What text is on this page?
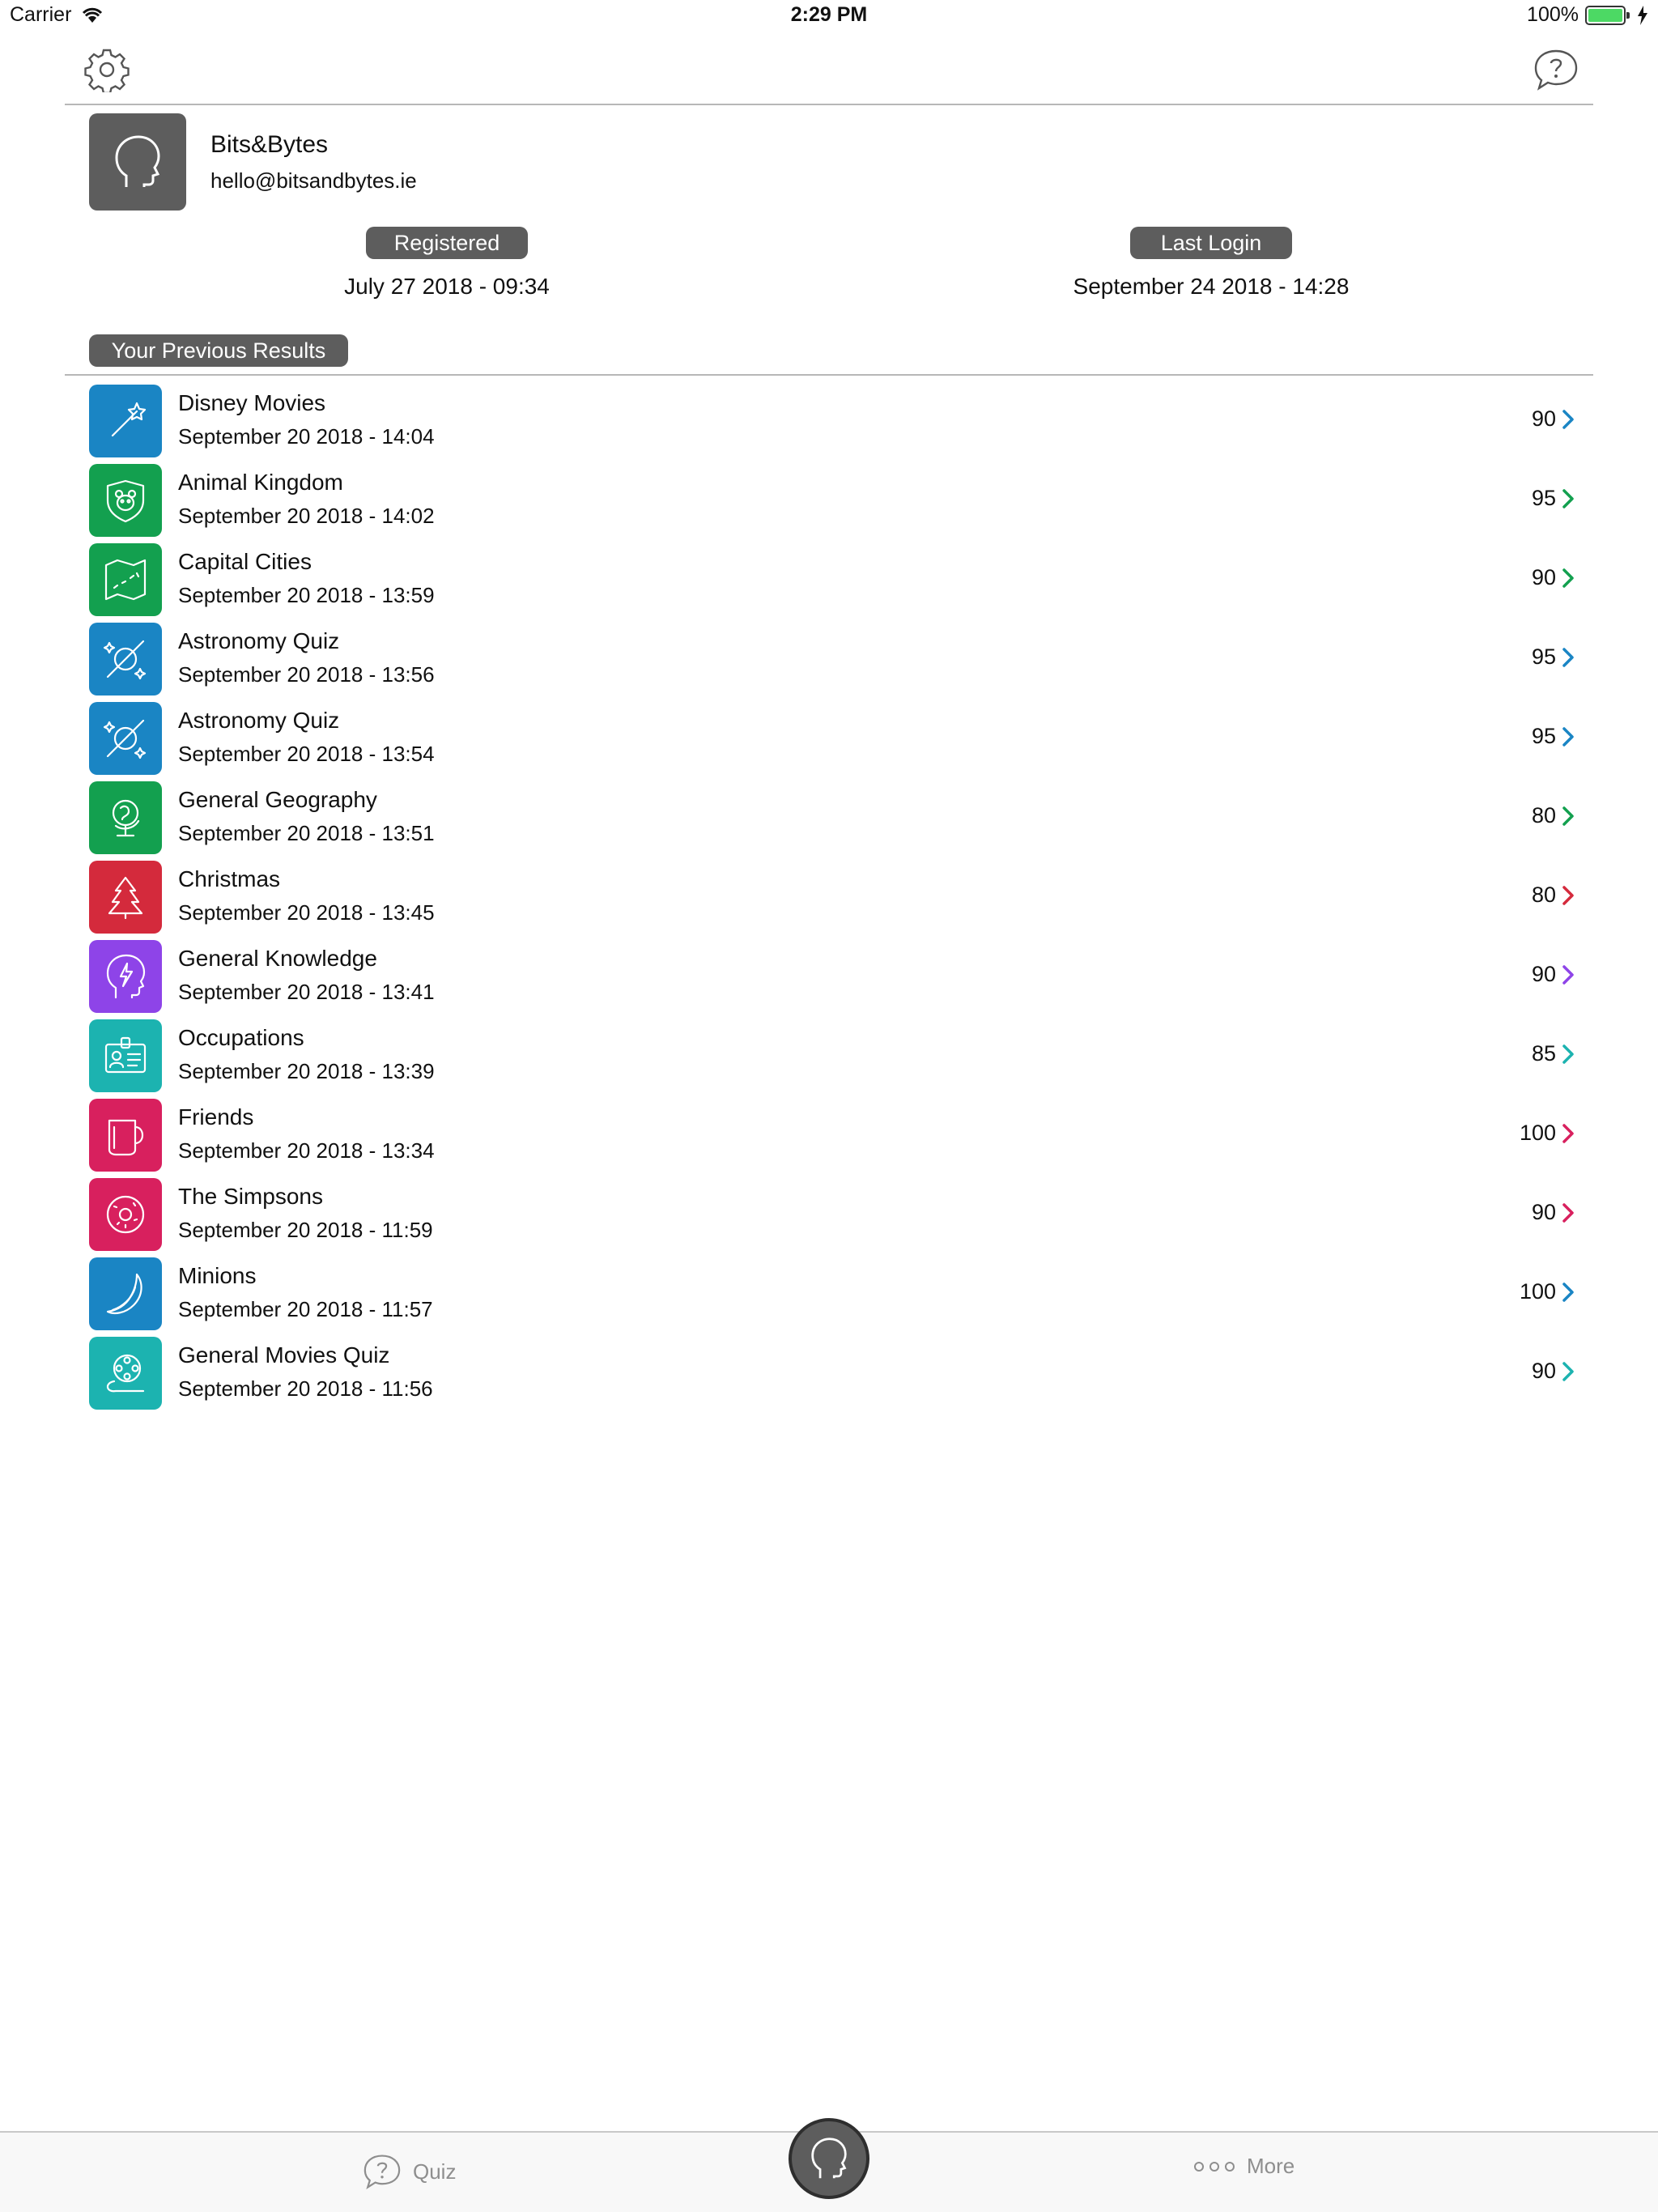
Carrier	2:29 PM	100%
Bits&Bytes
hello@bitsandbytes.ie
Registered
July 27 2018 - 09:34
Last Login
September 24 2018 - 14:28
Your Previous Results
Disney Movies
September 20 2018 - 14:04
90
Animal Kingdom
September 20 2018 - 14:02
95
Capital Cities
September 20 2018 - 13:59
90
Astronomy Quiz
September 20 2018 - 13:56
95
Astronomy Quiz
September 20 2018 - 13:54
95
General Geography
September 20 2018 - 13:51
80
Christmas
September 20 2018 - 13:45
80
General Knowledge
September 20 2018 - 13:41
90
Occupations
September 20 2018 - 13:39
85
Friends
September 20 2018 - 13:34
100
The Simpsons
September 20 2018 - 11:59
90
Minions
September 20 2018 - 11:57
100
General Movies Quiz
September 20 2018 - 11:56
90
Quiz	More
